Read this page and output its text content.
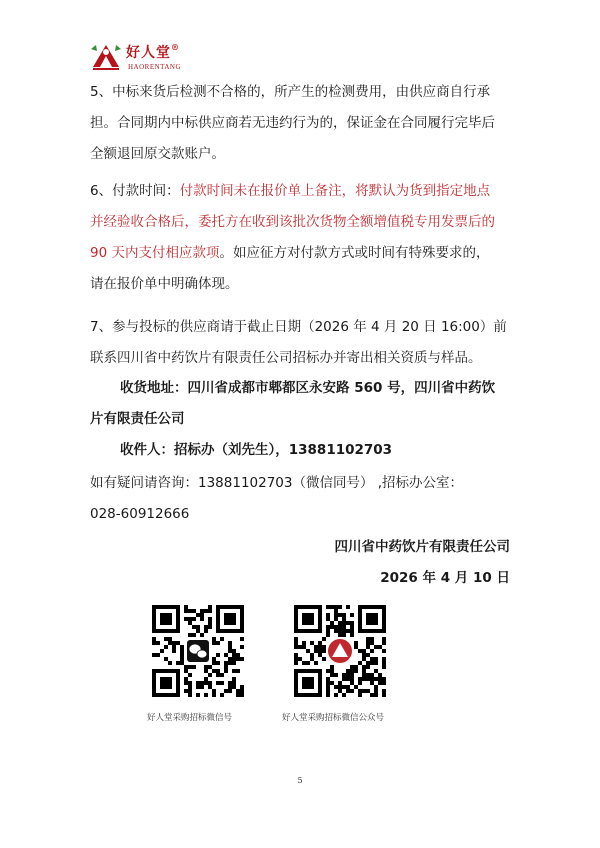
好人堂®
HAORENTANG
5、中标来货后检测不合格的，所产生的检测费用，由供应商自行承
担。合同期内中标供应商若无违约行为的，保证金在合同履行完毕后
全额退回原交款账户。
6、付款时间：付款时间未在报价单上备注，将默认为货到指定地点
并经验收合格后，委托方在收到该批次货物全额增值税专用发票后的
90 天内支付相应款项。如应征方对付款方式或时间有特殊要求的，
请在报价单中明确体现。
7、参与投标的供应商请于截止日期（2026 年 4 月 20 日 16:00）前
联系四川省中药饮片有限责任公司招标办并寄出相关资质与样品。
收货地址：四川省成都市郫都区永安路 560 号，四川省中药饮
片有限责任公司
收件人：招标办（刘先生），13881102703
如有疑问请咨询：13881102703（微信同号） ,招标办公室：
028-60912666
四川省中药饮片有限责任公司
2026 年 4 月 10 日
好人堂采购招标微信号	好人堂采购招标微信公众号
5
